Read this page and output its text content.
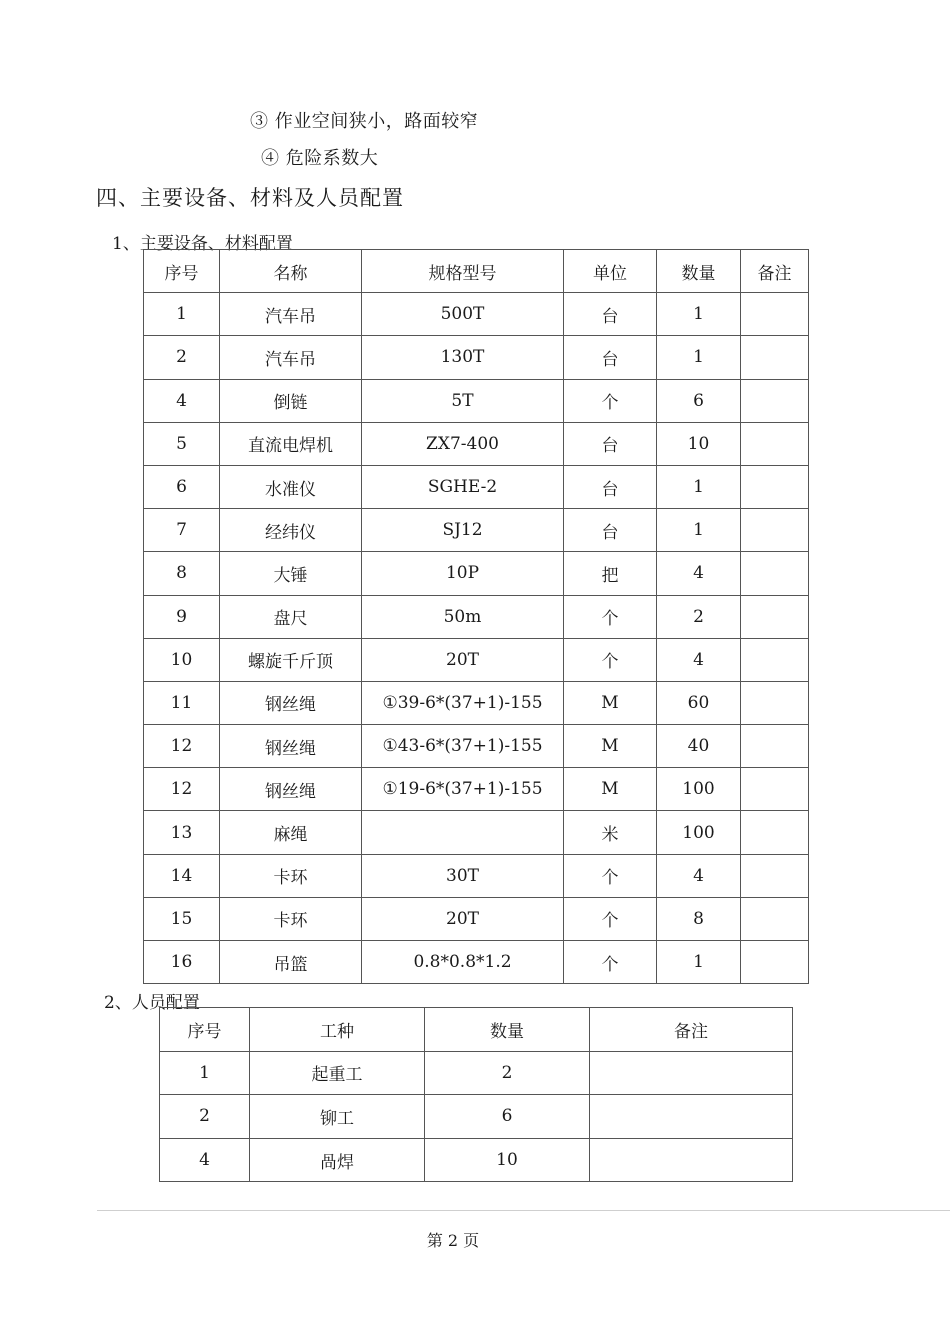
③ 作业空间狭小，路面较窄
④ 危险系数大
四、主要设备、材料及人员配置
1、主要设备、材料配置
序号	名称	规格型号	单位	数量	备注
1	汽车吊	500T	台	1	
2	汽车吊	130T	台	1	
4	倒链	5T	个	6	
5	直流电焊机	ZX7-400	台	10	
6	水准仪	SGHE-2	台	1	
7	经纬仪	SJ12	台	1	
8	大锤	10P	把	4	
9	盘尺	50m	个	2	
10	螺旋千斤顶	20T	个	4	
11	钢丝绳	①39-6*(37+1)-155	M	60	
12	钢丝绳	①43-6*(37+1)-155	M	40	
12	钢丝绳	①19-6*(37+1)-155	M	100	
13	麻绳		米	100	
14	卡环	30T	个	4	
15	卡环	20T	个	8	
16	吊篮	0.8*0.8*1.2	个	1	
2、人员配置
序号	工种	数量	备注
1	起重工	2	
2	铆工	6	
4	咼焊	10	
第 2 页
